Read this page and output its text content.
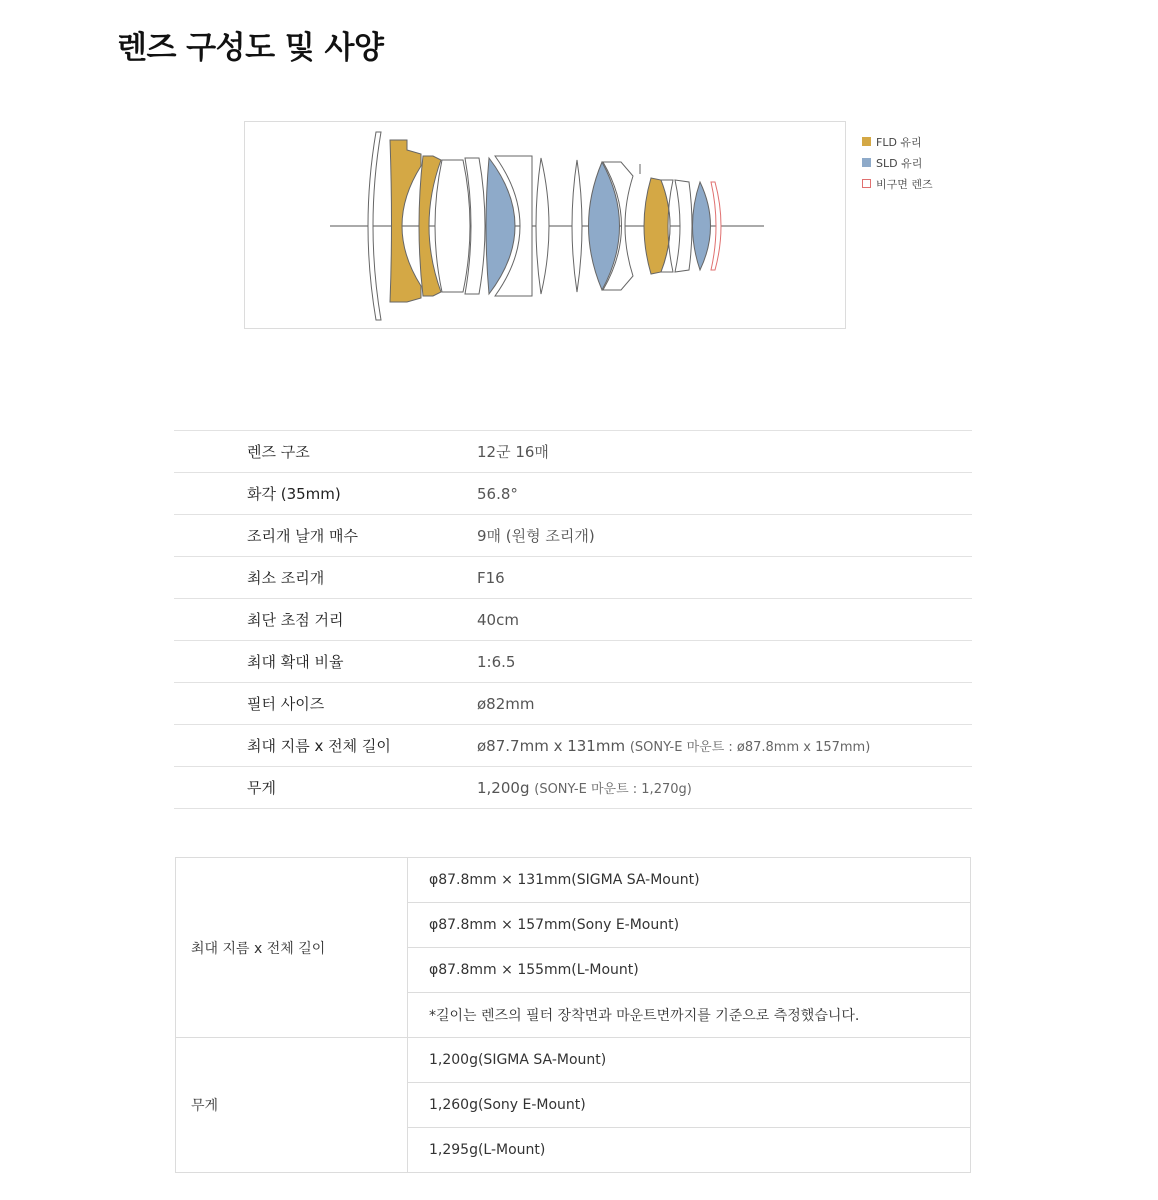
렌즈 구성도 및 사양
FLD 유리
SLD 유리
비구면 렌즈
렌즈 구조	12군 16매
화각 (35mm)	56.8°
조리개 날개 매수	9매 (원형 조리개)
최소 조리개	F16
최단 초점 거리	40cm
최대 확대 비율	1:6.5
필터 사이즈	ø82mm
최대 지름 x 전체 길이	ø87.7mm x 131mm (SONY-E 마운트 : ø87.8mm x 157mm)
무게	1,200g (SONY-E 마운트 : 1,270g)
최대 지름 x 전체 길이	φ87.8mm × 131mm(SIGMA SA-Mount)
	φ87.8mm × 157mm(Sony E-Mount)
	φ87.8mm × 155mm(L-Mount)
	*길이는 렌즈의 필터 장착면과 마운트면까지를 기준으로 측정했습니다.
무게	1,200g(SIGMA SA-Mount)
	1,260g(Sony E-Mount)
	1,295g(L-Mount)
